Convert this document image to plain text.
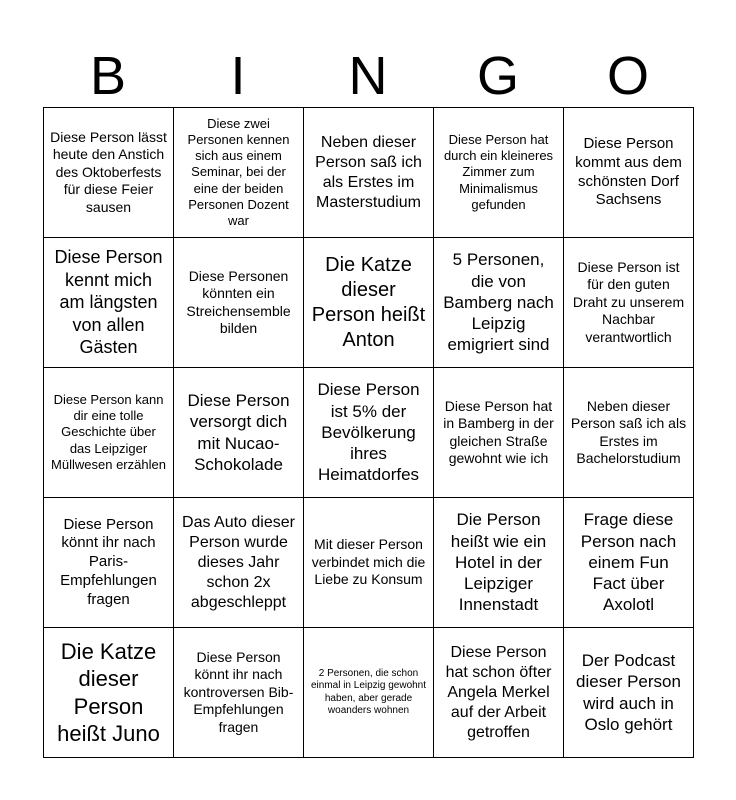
B	I	N	G	O
Diese Person lässt heute den Anstich des Oktoberfests für diese Feier sausen	Diese zwei Personen kennen sich aus einem Seminar, bei der eine der beiden Personen Dozent war	Neben dieser Person saß ich als Erstes im Masterstudium	Diese Person hat durch ein kleineres Zimmer zum Minimalismus gefunden	Diese Person kommt aus dem schönsten Dorf Sachsens
Diese Person kennt mich am längsten von allen Gästen	Diese Personen könnten ein Streichensemble bilden	Die Katze dieser Person heißt Anton	5 Personen, die von Bamberg nach Leipzig emigriert sind	Diese Person ist für den guten Draht zu unserem Nachbar verantwortlich
Diese Person kann dir eine tolle Geschichte über das Leipziger Müllwesen erzählen	Diese Person versorgt dich mit Nucao-Schokolade	Diese Person ist 5% der Bevölkerung ihres Heimatdorfes	Diese Person hat in Bamberg in der gleichen Straße gewohnt wie ich	Neben dieser Person saß ich als Erstes im Bachelorstudium
Diese Person könnt ihr nach Paris-Empfehlungen fragen	Das Auto dieser Person wurde dieses Jahr schon 2x abgeschleppt	Mit dieser Person verbindet mich die Liebe zu Konsum	Die Person heißt wie ein Hotel in der Leipziger Innenstadt	Frage diese Person nach einem Fun Fact über Axolotl
Die Katze dieser Person heißt Juno	Diese Person könnt ihr nach kontroversen Bib-Empfehlungen fragen	2 Personen, die schon einmal in Leipzig gewohnt haben, aber gerade woanders wohnen	Diese Person hat schon öfter Angela Merkel auf der Arbeit getroffen	Der Podcast dieser Person wird auch in Oslo gehört
